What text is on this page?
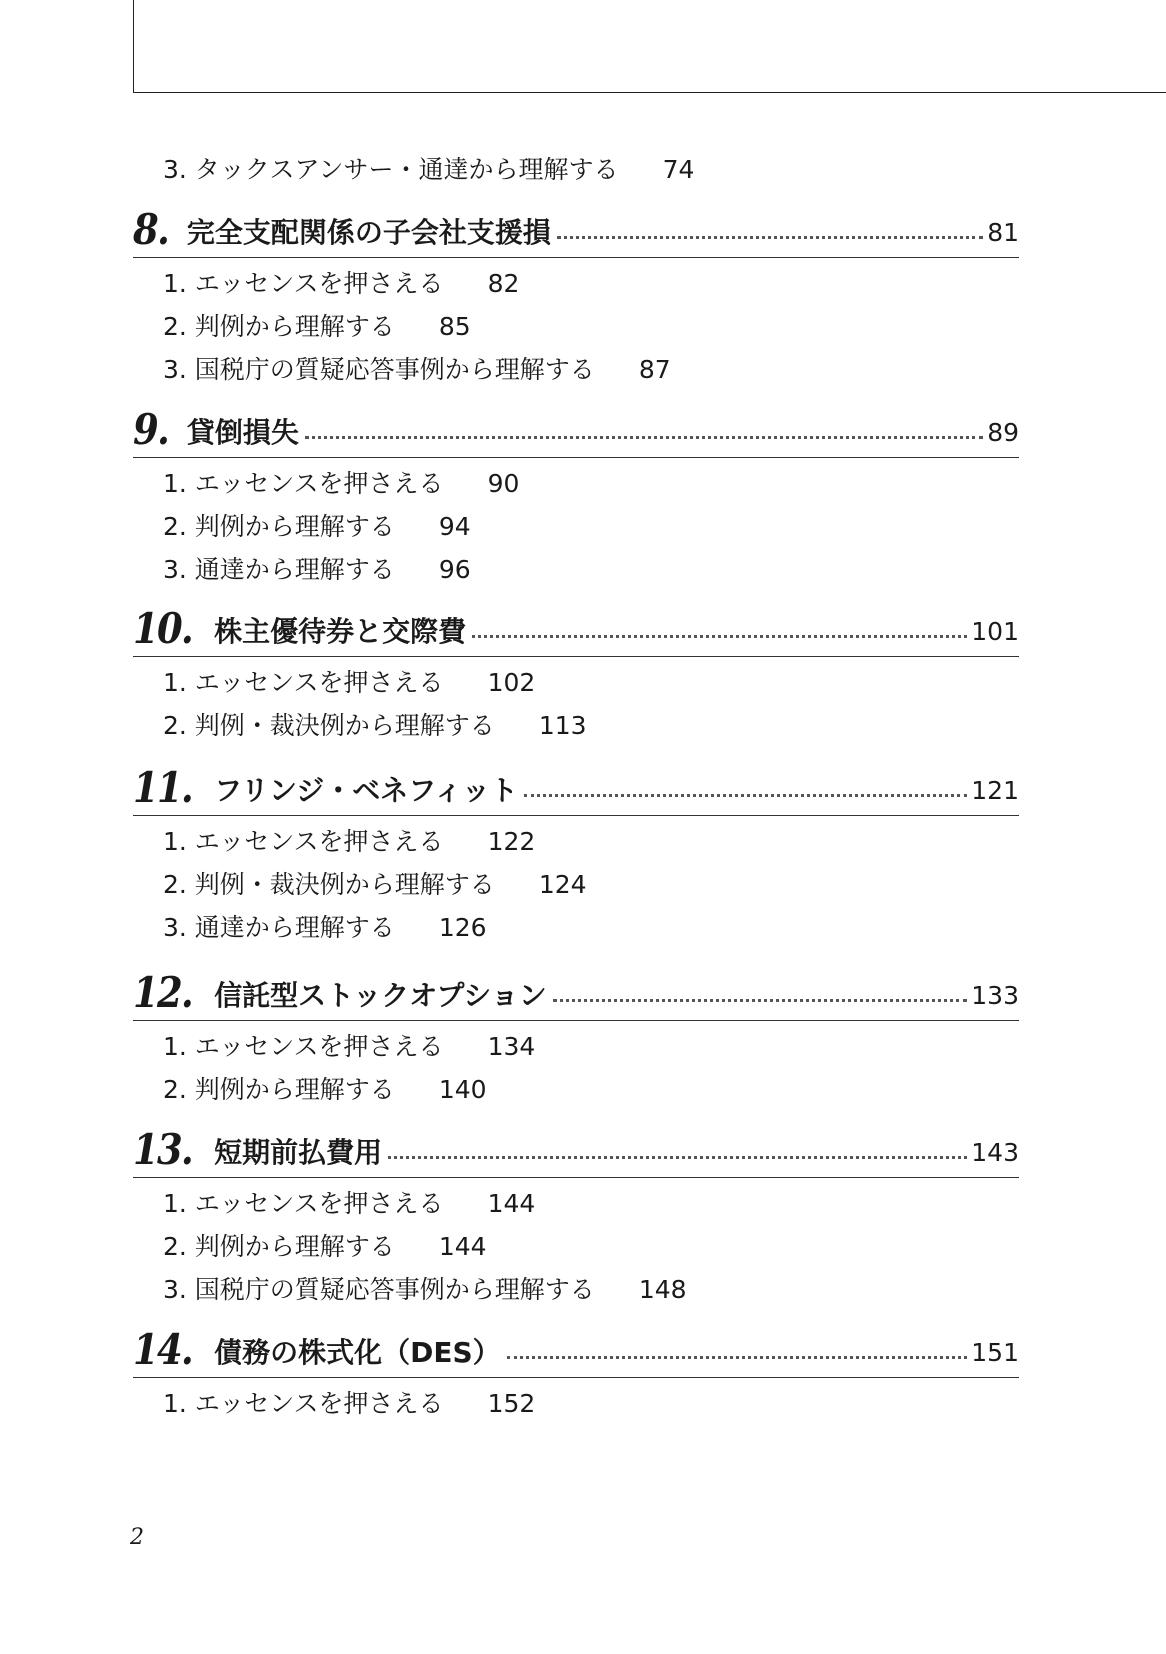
3. タックスアンサー・通達から理解する 74
8. 完全支配関係の子会社支援損	81
1. エッセンスを押さえる 82
2. 判例から理解する 85
3. 国税庁の質疑応答事例から理解する 87
9. 貸倒損失	89
1. エッセンスを押さえる 90
2. 判例から理解する 94
3. 通達から理解する 96
10. 株主優待券と交際費	101
1. エッセンスを押さえる 102
2. 判例・裁決例から理解する 113
11. フリンジ・ベネフィット	121
1. エッセンスを押さえる 122
2. 判例・裁決例から理解する 124
3. 通達から理解する 126
12. 信託型ストックオプション	133
1. エッセンスを押さえる 134
2. 判例から理解する 140
13. 短期前払費用	143
1. エッセンスを押さえる 144
2. 判例から理解する 144
3. 国税庁の質疑応答事例から理解する 148
14. 債務の株式化（DES）	151
1. エッセンスを押さえる 152
2
